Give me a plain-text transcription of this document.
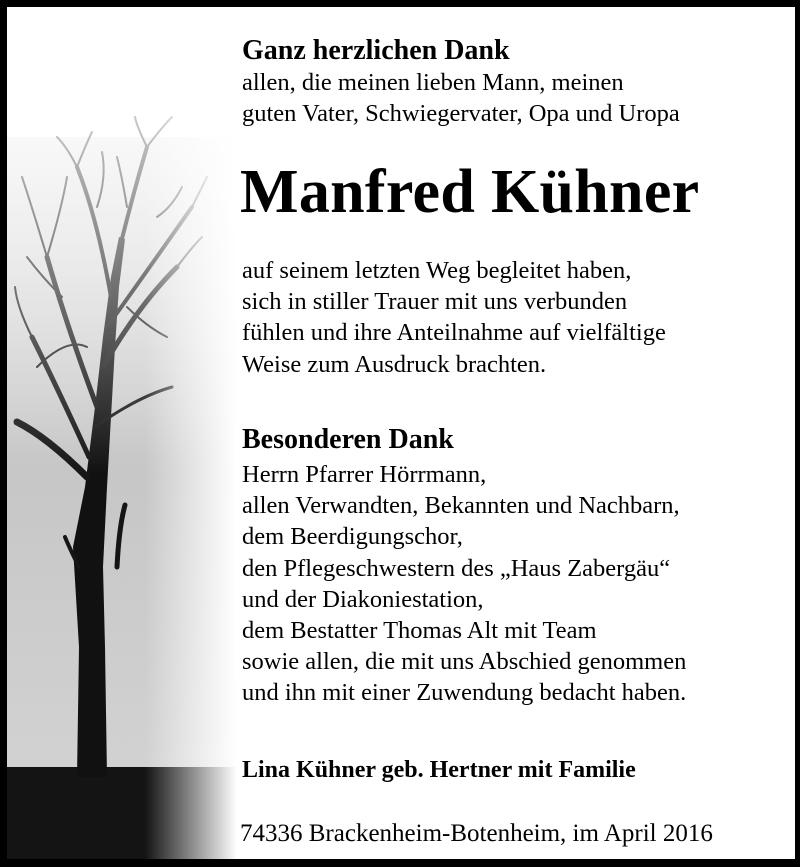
Ganz herzlichen Dank
allen, die meinen lieben Mann, meinen
guten Vater, Schwiegervater, Opa und Uropa
Manfred Kühner
auf seinem letzten Weg begleitet haben,
sich in stiller Trauer mit uns verbunden
fühlen und ihre Anteilnahme auf vielfältige
Weise zum Ausdruck brachten.
Besonderen Dank
Herrn Pfarrer Hörrmann,
allen Verwandten, Bekannten und Nachbarn,
dem Beerdigungschor,
den Pflegeschwestern des „Haus Zabergäu“
und der Diakoniestation,
dem Bestatter Thomas Alt mit Team
sowie allen, die mit uns Abschied genommen
und ihn mit einer Zuwendung bedacht haben.
Lina Kühner geb. Hertner mit Familie
74336 Brackenheim-Botenheim, im April 2016
